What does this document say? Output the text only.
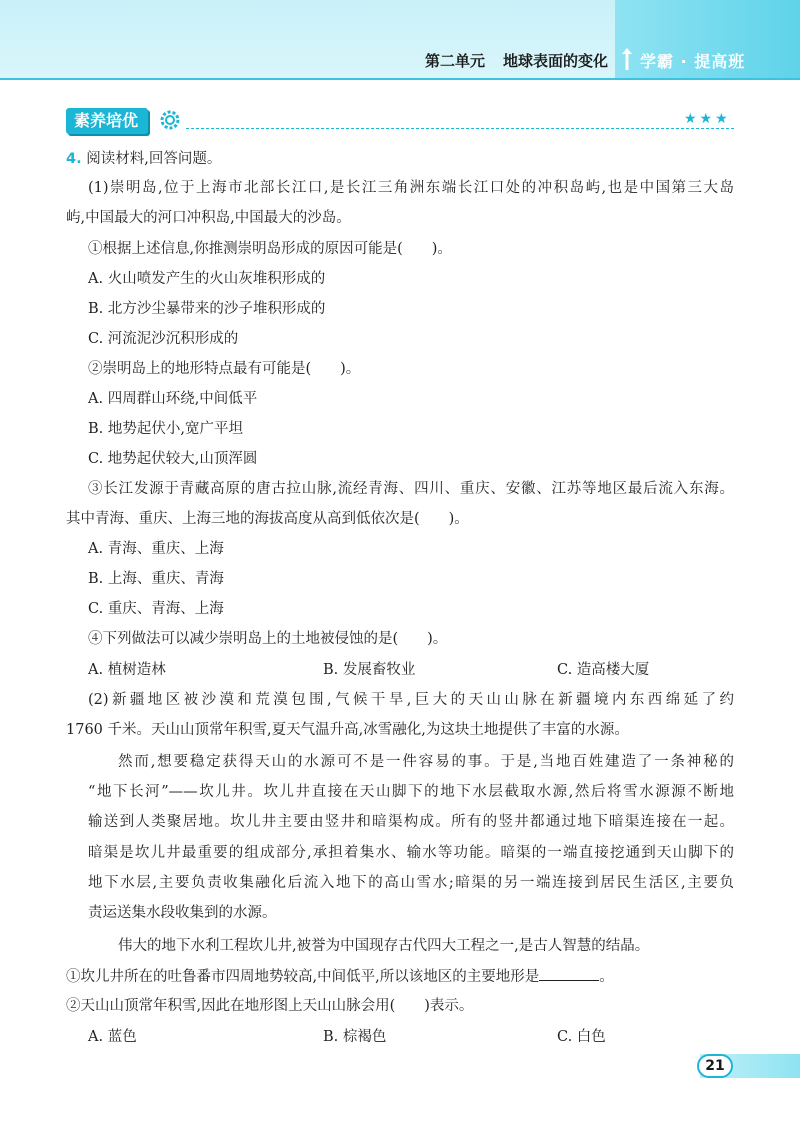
第二单元 地球表面的变化 学霸 · 提高班
素养培优	★★★
4. 阅读材料,回答问题。
(1)崇明岛,位于上海市北部长江口,是长江三角洲东端长江口处的冲积岛屿,也是中国第三大岛
屿,中国最大的河口冲积岛,中国最大的沙岛。
①根据上述信息,你推测崇明岛形成的原因可能是(　　)。
A. 火山喷发产生的火山灰堆积形成的
B. 北方沙尘暴带来的沙子堆积形成的
C. 河流泥沙沉积形成的
②崇明岛上的地形特点最有可能是(　　)。
A. 四周群山环绕,中间低平
B. 地势起伏小,宽广平坦
C. 地势起伏较大,山顶浑圆
③长江发源于青藏高原的唐古拉山脉,流经青海、四川、重庆、安徽、江苏等地区最后流入东海。
其中青海、重庆、上海三地的海拔高度从高到低依次是(　　)。
A. 青海、重庆、上海
B. 上海、重庆、青海
C. 重庆、青海、上海
④下列做法可以减少崇明岛上的土地被侵蚀的是(　　)。
A. 植树造林	B. 发展畜牧业	C. 造高楼大厦
(2)新疆地区被沙漠和荒漠包围,气候干旱,巨大的天山山脉在新疆境内东西绵延了约
1760 千米。天山山顶常年积雪,夏天气温升高,冰雪融化,为这块土地提供了丰富的水源。
然而,想要稳定获得天山的水源可不是一件容易的事。于是,当地百姓建造了一条神秘的
“地下长河”——坎儿井。坎儿井直接在天山脚下的地下水层截取水源,然后将雪水源源不断地
输送到人类聚居地。坎儿井主要由竖井和暗渠构成。所有的竖井都通过地下暗渠连接在一起。
暗渠是坎儿井最重要的组成部分,承担着集水、输水等功能。暗渠的一端直接挖通到天山脚下的
地下水层,主要负责收集融化后流入地下的高山雪水;暗渠的另一端连接到居民生活区,主要负
责运送集水段收集到的水源。
伟大的地下水利工程坎儿井,被誉为中国现存古代四大工程之一,是古人智慧的结晶。
①坎儿井所在的吐鲁番市四周地势较高,中间低平,所以该地区的主要地形是	。
②天山山顶常年积雪,因此在地形图上天山山脉会用(　　)表示。
A. 蓝色	B. 棕褐色	C. 白色
21
